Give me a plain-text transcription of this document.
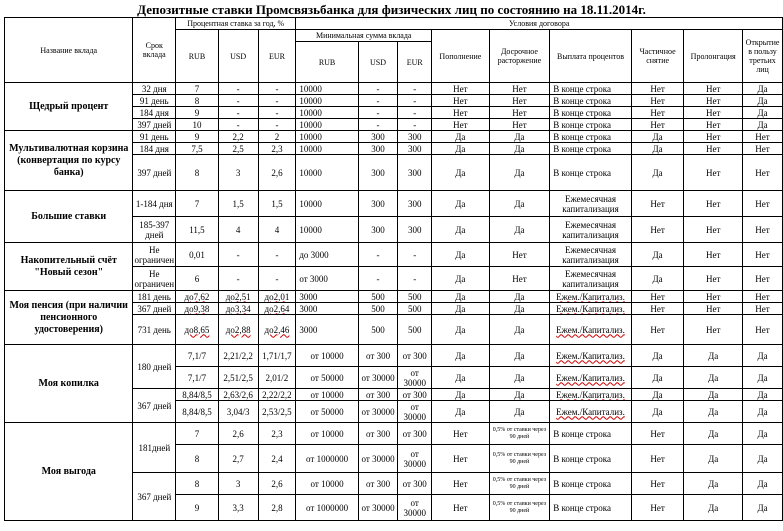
Депозитные ставки Промсвязьбанка для физических лиц по состоянию на 18.11.2014г.
Название вклада	Срок вклада	Процентная ставка за год, %			Условия договора								
		RUB	USD	EUR	Минимальная сумма вклада			Пополнение	Досрочное расторжение	Выплата процентов	Частичное снятие	Пролонгация	Открытие в пользу третьих лиц
					RUB	USD	EUR						
Щедрый процент	32 дня	7	-	-	10000	-	-	Нет	Нет	В конце строка	Нет	Нет	Да
	91 день	8	-	-	10000	-	-	Нет	Нет	В конце строка	Нет	Нет	Да
	184 дня	9	-	-	10000	-	-	Нет	Нет	В конце строка	Нет	Нет	Да
	397 дней	10	-	-	10000	-	-	Нет	Нет	В конце строка	Нет	Нет	Да
Мультивалютная корзина (конвертация по курсу банка)	91 день	9	2,2	2	10000	300	300	Да	Да	В конце строка	Да	Нет	Нет
	184 дня	7,5	2,5	2,3	10000	300	300	Да	Да	В конце строка	Да	Нет	Нет
	397 дней	8	3	2,6	10000	300	300	Да	Да	В конце строка	Да	Нет	Нет
Большие ставки	1-184 дня	7	1,5	1,5	10000	300	300	Да	Да	Ежемесячная капитализация	Нет	Нет	Нет
	185-397 дней	11,5	4	4	10000	300	300	Да	Да	Ежемесячная капитализация	Нет	Нет	Нет
Накопительный счёт "Новый сезон"	Не ограничен	0,01	-	-	до 3000	-	-	Да	Нет	Ежемесячная капитализация	Да	Нет	Нет
	Не ограничен	6	-	-	от 3000	-	-	Да	Нет	Ежемесячная капитализация	Да	Нет	Нет
Моя пенсия (при наличии пенсионного удостоверения)	181 день	до7,62	до2,51	до2,01	3000	500	500	Да	Да	Ежем./Капитализ.	Нет	Нет	Нет
	367 дней	до9,38	до3,34	до2,64	3000	500	500	Да	Да	Ежем./Капитализ.	Нет	Нет	Нет
	731 день	до8,65	до2,88	до2,46	3000	500	500	Да	Да	Ежем./Капитализ.	Нет	Нет	Нет
Моя копилка	180 дней	7,1/7	2,21/2,2	1,71/1,7	от 10000	от 300	от 300	Да	Да	Ежем./Капитализ.	Да	Да	Да
		7,1/7	2,51/2,5	2,01/2	от 50000	от 30000	от 30000	Да	Да	Ежем./Капитализ.	Да	Да	Да
	367 дней	8,84/8,5	2,63/2,6	2,22/2,2	от 10000	от 300	от 300	Да	Да	Ежем./Капитализ.	Да	Да	Да
		8,84/8,5	3,04/3	2,53/2,5	от 50000	от 30000	от 30000	Да	Да	Ежем./Капитализ.	Да	Да	Да
Моя выгода	181дней	7	2,6	2,3	от 10000	от 300	от 300	Нет	0,5% от ставки через 90 дней	В конце строка	Нет	Да	Да
		8	2,7	2,4	от 1000000	от 30000	от 30000	Нет	0,5% от ставки через 90 дней	В конце строка	Нет	Да	Да
	367 дней	8	3	2,6	от 10000	от 300	от 300	Нет	0,5% от ставки через 90 дней	В конце строка	Нет	Да	Да
		9	3,3	2,8	от 1000000	от 30000	от 30000	Нет	0,5% от ставки через 90 дней	В конце строка	Нет	Да	Да
